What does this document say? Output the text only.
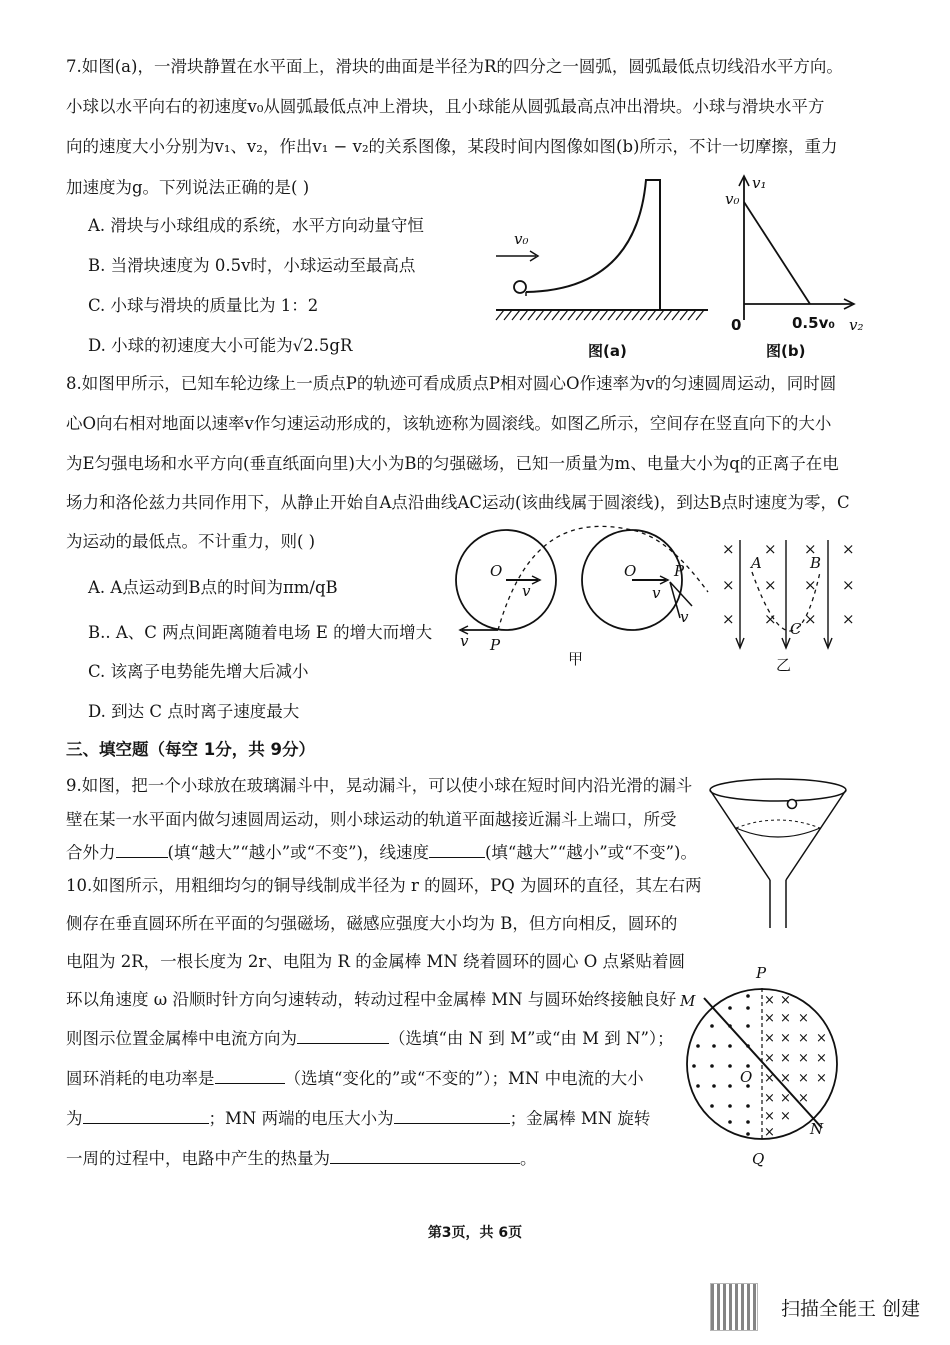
7.如图(a)，一滑块静置在水平面上，滑块的曲面是半径为R的四分之一圆弧，圆弧最低点切线沿水平方向。
小球以水平向右的初速度v₀从圆弧最低点冲上滑块，且小球能从圆弧最高点冲出滑块。小球与滑块水平方
向的速度大小分别为v₁、v₂，作出v₁ − v₂的关系图像，某段时间内图像如图(b)所示，不计一切摩擦，重力
加速度为g。下列说法正确的是( )
A. 滑块与小球组成的系统，水平方向动量守恒
B. 当滑块速度为 0.5v时，小球运动至最高点
C. 小球与滑块的质量比为 1：2
D. 小球的初速度大小可能为√2.5gR
v₀
图(a)
v₁
v₀
0	0.5v₀ v₂
图(b)
8.如图甲所示，已知车轮边缘上一质点P的轨迹可看成质点P相对圆心O作速率为v的匀速圆周运动，同时圆
心O向右相对地面以速率v作匀速运动形成的，该轨迹称为圆滚线。如图乙所示，空间存在竖直向下的大小
为E匀强电场和水平方向(垂直纸面向里)大小为B的匀强磁场，已知一质量为m、电量大小为q的正离子在电
场力和洛伦兹力共同作用下，从静止开始自A点沿曲线AC运动(该曲线属于圆滚线)，到达B点时速度为零，C
为运动的最低点。不计重力，则( )
A. A点运动到B点的时间为πm/qB
B.. A、C 两点间距离随着电场 E 的增大而增大
C. 该离子电势能先增大后减小
D. 到达 C 点时离子速度最大
O	O
v	v
P
P
v
v
甲
× × × ×
× × × ×
× × × ×
A	B
C
乙
三、填空题（每空 1分，共 9分）
9.如图，把一个小球放在玻璃漏斗中，晃动漏斗，可以使小球在短时间内沿光滑的漏斗
壁在某一水平面内做匀速圆周运动，则小球运动的轨道平面越接近漏斗上端口，所受
合外力	(填“越大”“越小”或“不变”)，线速度	(填“越大”“越小”或“不变”)。
10.如图所示，用粗细均匀的铜导线制成半径为 r 的圆环，PQ 为圆环的直径，其左右两
侧存在垂直圆环所在平面的匀强磁场，磁感应强度大小均为 B，但方向相反，圆环的
电阻为 2R，一根长度为 2r、电阻为 R 的金属棒 MN 绕着圆环的圆心 O 点紧贴着圆
环以角速度 ω 沿顺时针方向匀速转动，转动过程中金属棒 MN 与圆环始终接触良好
则图示位置金属棒中电流方向为	（选填“由 N 到 M”或“由 M 到 N”）；
圆环消耗的电功率是	（选填“变化的”或“不变的”）；MN 中电流的大小
为	；MN 两端的电压大小为	；金属棒 MN 旋转
一周的过程中，电路中产生的热量为	。
× ×
× × ×
× × × ×
× × × ×
× × × ×
× × ×
× ×
×
P
Q
M
N
O
第3页，共 6页
扫描全能王 创建
